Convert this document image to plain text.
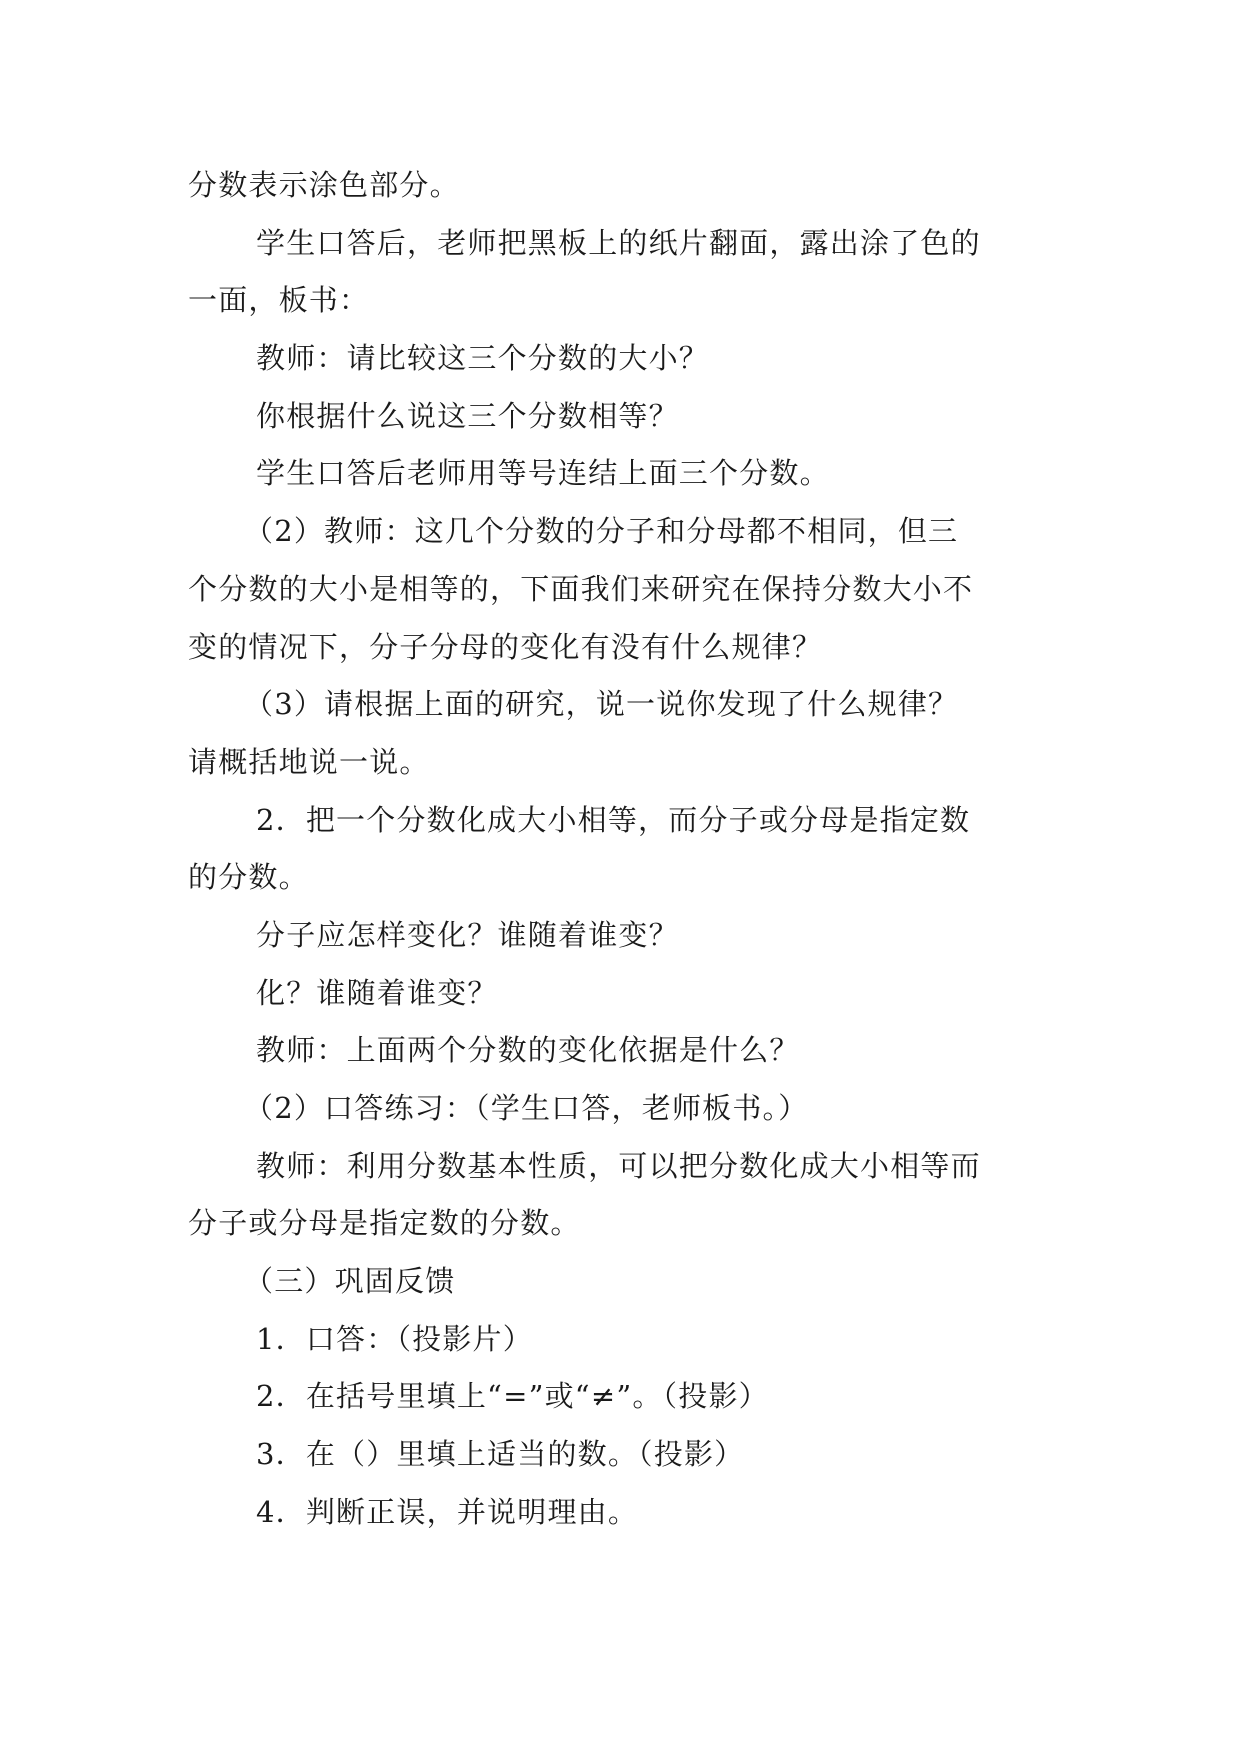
分数表示涂色部分。
学生口答后，老师把黑板上的纸片翻面，露出涂了色的
一面，板书：
教师：请比较这三个分数的大小？
你根据什么说这三个分数相等？
学生口答后老师用等号连结上面三个分数。
（2）教师：这几个分数的分子和分母都不相同，但三
个分数的大小是相等的，下面我们来研究在保持分数大小不
变的情况下，分子分母的变化有没有什么规律？
（3）请根据上面的研究，说一说你发现了什么规律？
请概括地说一说。
2．把一个分数化成大小相等，而分子或分母是指定数
的分数。
分子应怎样变化？谁随着谁变？
化？谁随着谁变？
教师：上面两个分数的变化依据是什么？
（2）口答练习：（学生口答，老师板书。）
教师：利用分数基本性质，可以把分数化成大小相等而
分子或分母是指定数的分数。
（三）巩固反馈
1．口答：（投影片）
2．在括号里填上“=”或“≠”。（投影）
3．在（）里填上适当的数。（投影）
4．判断正误，并说明理由。
